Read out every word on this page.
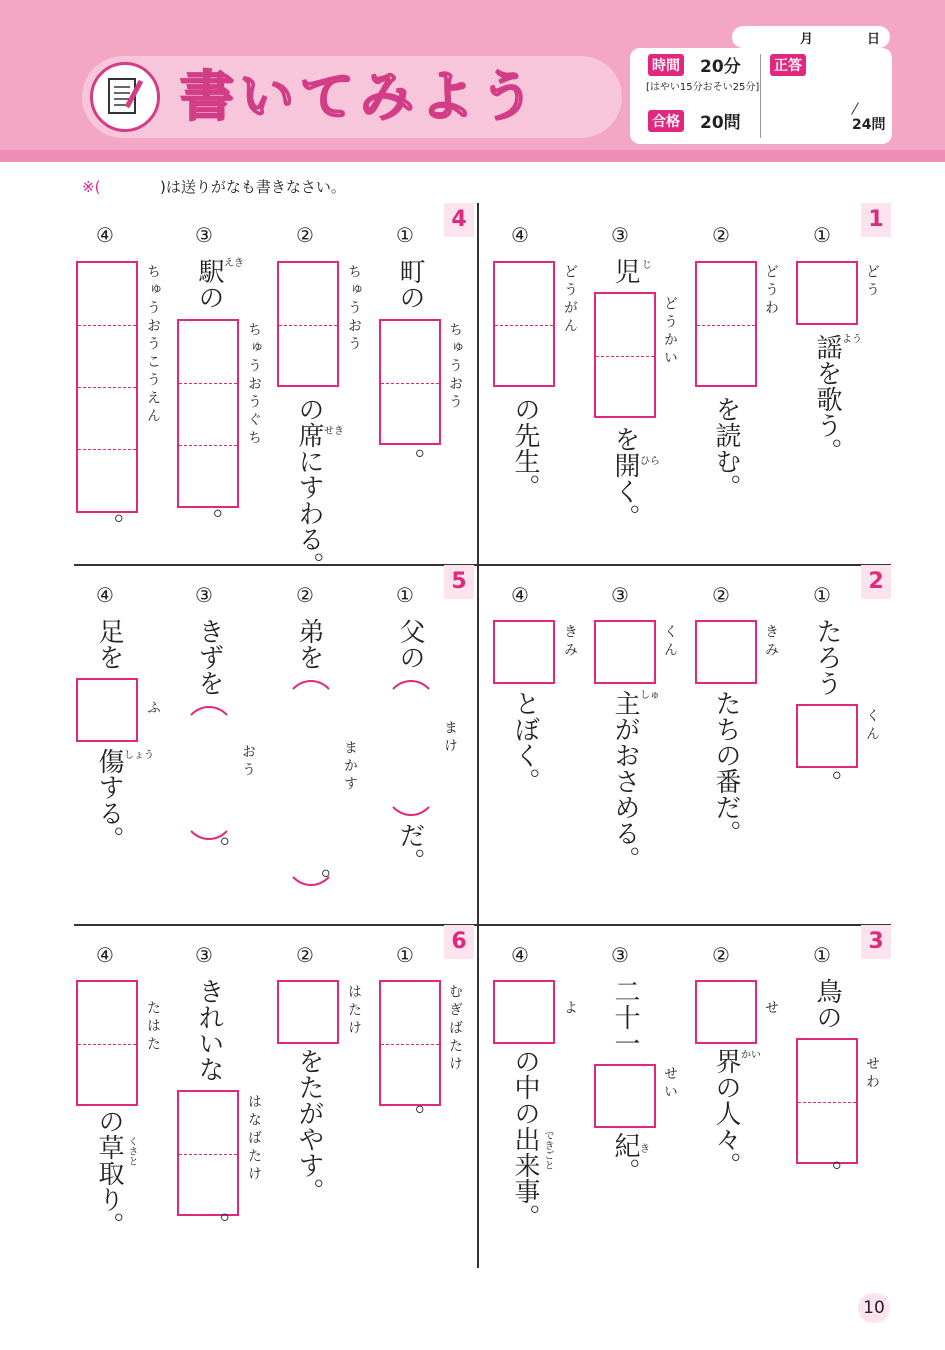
書いてみよう
月	日
時間 20分
[はやい15分おそい25分]
合格 20問
正答
24問
※(	)は送りがなも書きなさい。
1
2
3
4
5
6
①
どう
謡を歌う。 よう
②
どうわ
を読む。
③
児 じ
どうかい
を開く。 ひら
④
どうがん
の先生。
①
町の
ちゅうおう
。
②
ちゅうおう
の席にすわる。 せき
③
駅の えき
ちゅうおうぐち
。
④
ちゅうおうこうえん
。
①
たろう
くん
。
②
きみ
たちの番だ。
③
くん
主がおさめる。 しゅ
④
きみ
とぼく。
①
父の
まけ
だ。
②
弟を
まかす
。
③
きずを
おう
。
④
足を
ふ
傷する。 しょう
①
鳥の
せわ
。
②
せ
界の人々。 かい
③
二十一
せい
紀。 き
④
よ
の中の出来事。 できごと
①
むぎばたけ
。
②
はたけ
をたがやす。
③
きれいな
はなばたけ
。
④
たはた
の草取り。 くさと
10
